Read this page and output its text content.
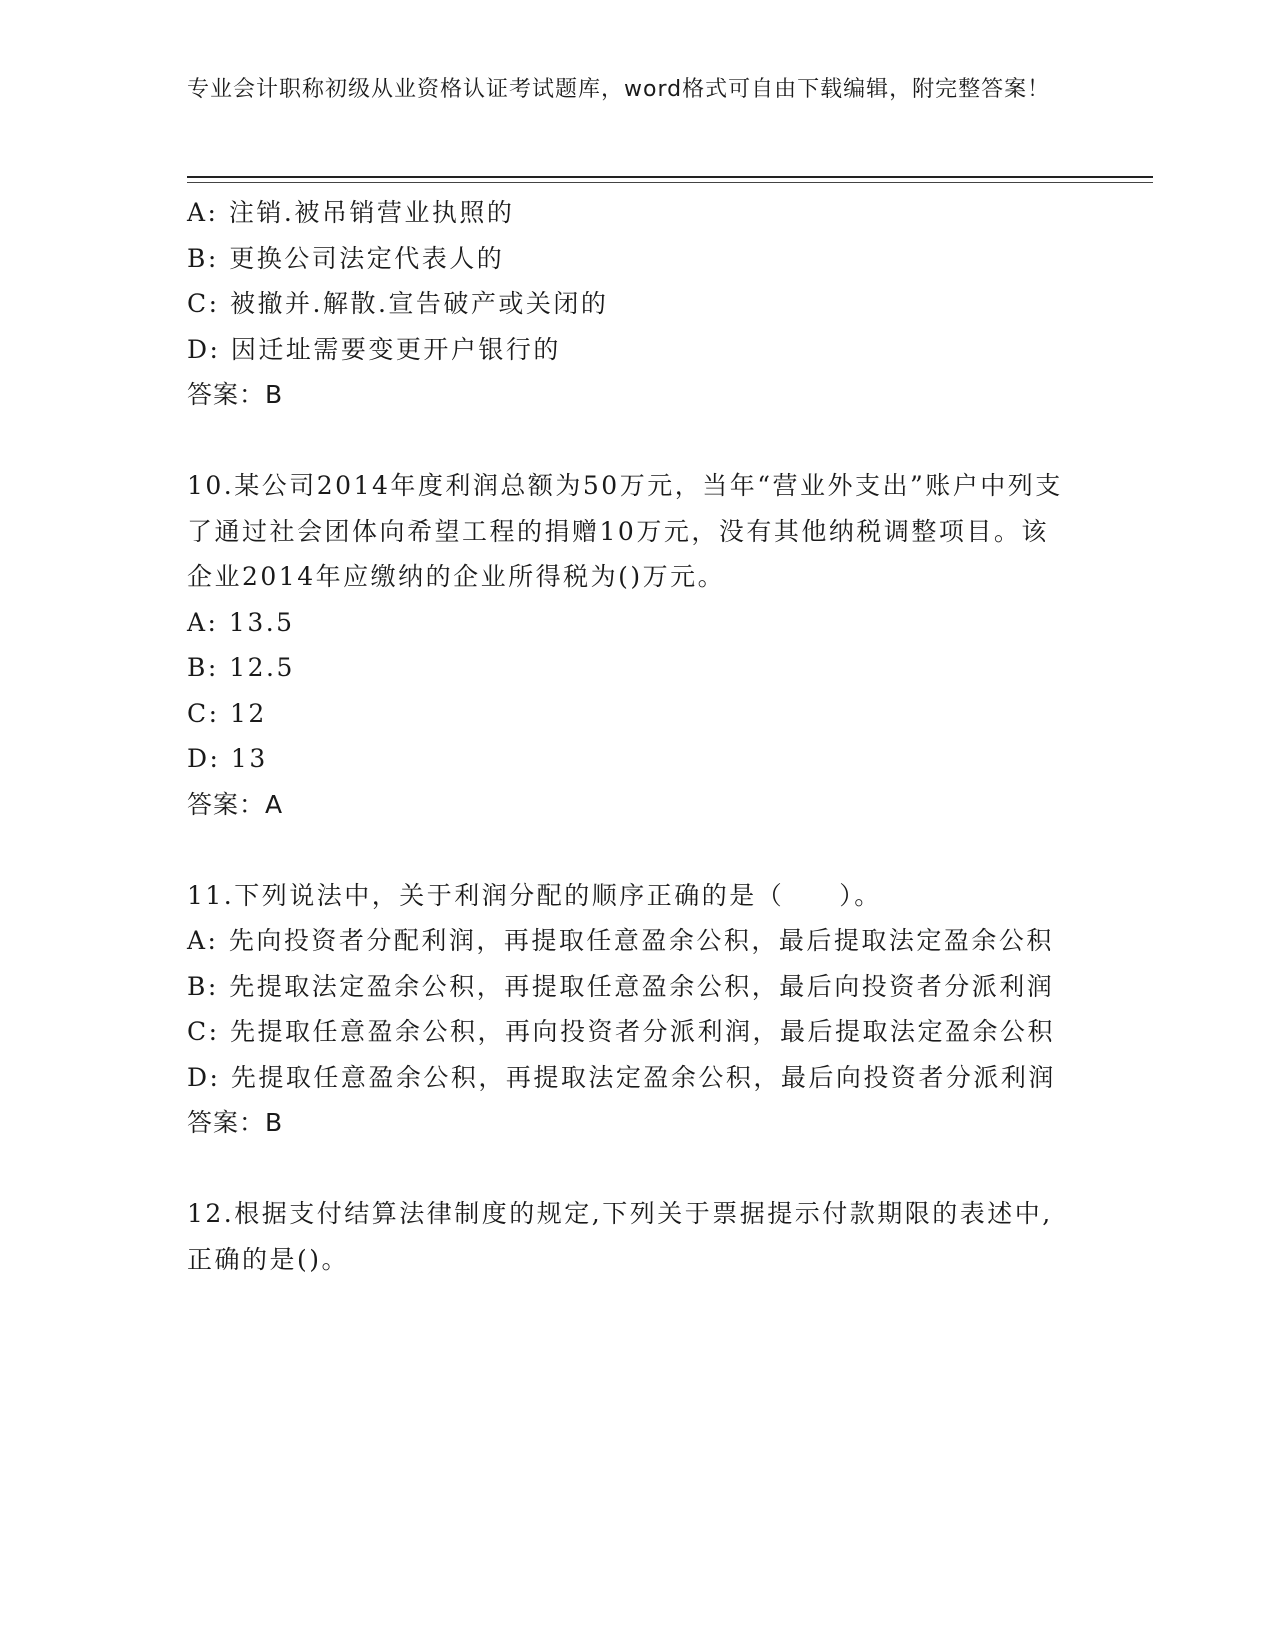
专业会计职称初级从业资格认证考试题库，word格式可自由下载编辑，附完整答案！

A: 注销.被吊销营业执照的

B: 更换公司法定代表人的

C: 被撤并.解散.宣告破产或关闭的

D: 因迁址需要变更开户银行的

答案：B

10.某公司2014年度利润总额为50万元，当年“营业外支出”账户中列支了通过社会团体向希望工程的捐赠10万元，没有其他纳税调整项目。该企业2014年应缴纳的企业所得税为()万元。

A: 13.5

B: 12.5

C: 12

D: 13

答案：A

11.下列说法中，关于利润分配的顺序正确的是（　　）。

A: 先向投资者分配利润，再提取任意盈余公积，最后提取法定盈余公积

B: 先提取法定盈余公积，再提取任意盈余公积，最后向投资者分派利润

C: 先提取任意盈余公积，再向投资者分派利润，最后提取法定盈余公积

D: 先提取任意盈余公积，再提取法定盈余公积，最后向投资者分派利润

答案：B

12.根据支付结算法律制度的规定,下列关于票据提示付款期限的表述中,正确的是()。
